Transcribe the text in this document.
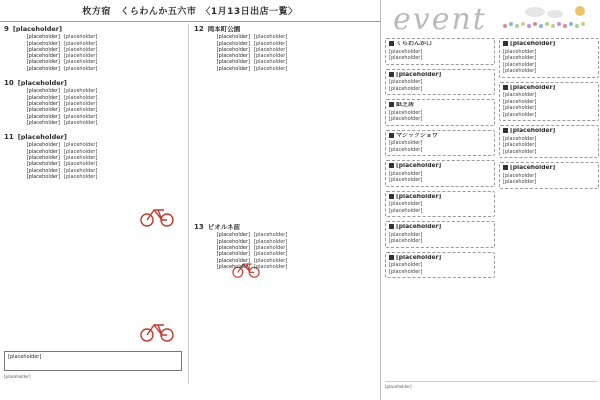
枚方宿　くらわんか五六市　〈1月13日出店一覧〉
9 [placeholder]
[placeholder] [placeholder]
[placeholder] [placeholder]
[placeholder] [placeholder]
[placeholder] [placeholder]
[placeholder] [placeholder]
[placeholder] [placeholder]
10 [placeholder]
[placeholder] [placeholder]
[placeholder] [placeholder]
[placeholder] [placeholder]
[placeholder] [placeholder]
[placeholder] [placeholder]
[placeholder] [placeholder]
11 [placeholder]
[placeholder] [placeholder]
[placeholder] [placeholder]
[placeholder] [placeholder]
[placeholder] [placeholder]
[placeholder] [placeholder]
[placeholder] [placeholder]
[placeholder]
[placeholder]
12 岡本町公園
[placeholder] [placeholder]
[placeholder] [placeholder]
[placeholder] [placeholder]
[placeholder] [placeholder]
[placeholder] [placeholder]
[placeholder] [placeholder]
13 ビオルネ前
[placeholder] [placeholder]
[placeholder] [placeholder]
[placeholder] [placeholder]
[placeholder] [placeholder]
[placeholder] [placeholder]
[placeholder] [placeholder]
event
くらわんか口
[placeholder]
[placeholder]
[placeholder]
[placeholder]
[placeholder]
紙芝居
[placeholder]
[placeholder]
マジックショウ
[placeholder]
[placeholder]
[placeholder]
[placeholder]
[placeholder]
[placeholder]
[placeholder]
[placeholder]
[placeholder]
[placeholder]
[placeholder]
[placeholder]
[placeholder]
[placeholder]
[placeholder]
[placeholder]
[placeholder]
[placeholder]
[placeholder]
[placeholder]
[placeholder]
[placeholder]
[placeholder]
[placeholder]
[placeholder]
[placeholder]
[placeholder]
[placeholder]
[placeholder]
[placeholder]
[placeholder]
[placeholder]
